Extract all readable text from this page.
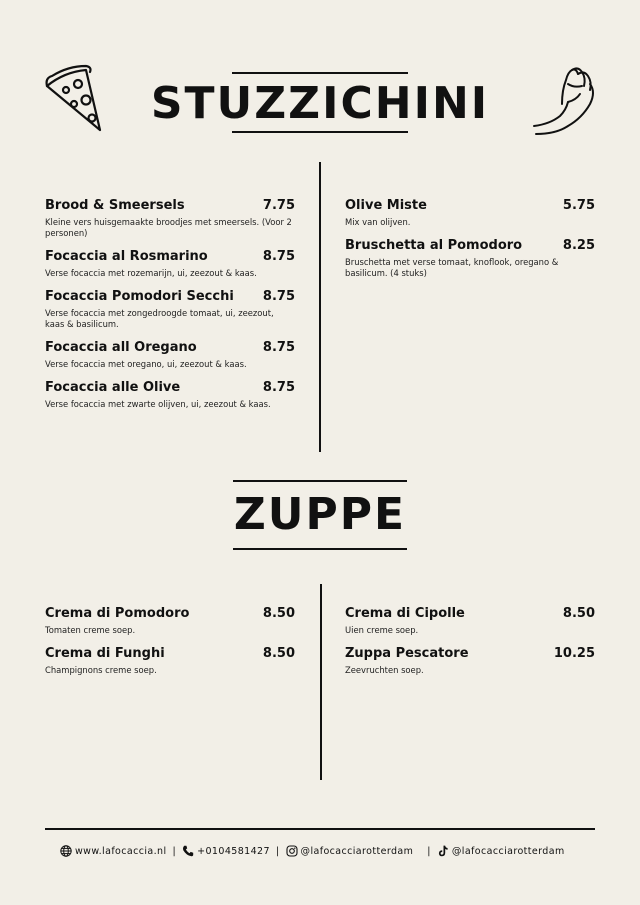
STUZZICHINI
Brood & Smeersels	7.75
Kleine vers huisgemaakte broodjes met smeersels. (Voor 2 personen)
Focaccia al Rosmarino	8.75
Verse focaccia met rozemarijn, ui, zeezout & kaas.
Focaccia Pomodori Secchi 8.75
Verse focaccia met zongedroogde tomaat, ui, zeezout, kaas & basilicum.
Focaccia all Oregano	8.75
Verse focaccia met oregano, ui, zeezout & kaas.
Focaccia alle Olive	8.75
Verse focaccia met zwarte olijven, ui, zeezout & kaas.
Olive Miste	5.75
Mix van olijven.
Bruschetta al Pomodoro	8.25
Bruschetta met verse tomaat, knoflook, oregano & basilicum. (4 stuks)
ZUPPE
Crema di Pomodoro	8.50
Tomaten creme soep.
Crema di Funghi	8.50
Champignons creme soep.
Crema di Cipolle	8.50
Uien creme soep.
Zuppa Pescatore	10.25
Zeevruchten soep.
www.lafocaccia.nl | +0104581427 | @lafocacciarotterdam | @lafocacciarotterdam
